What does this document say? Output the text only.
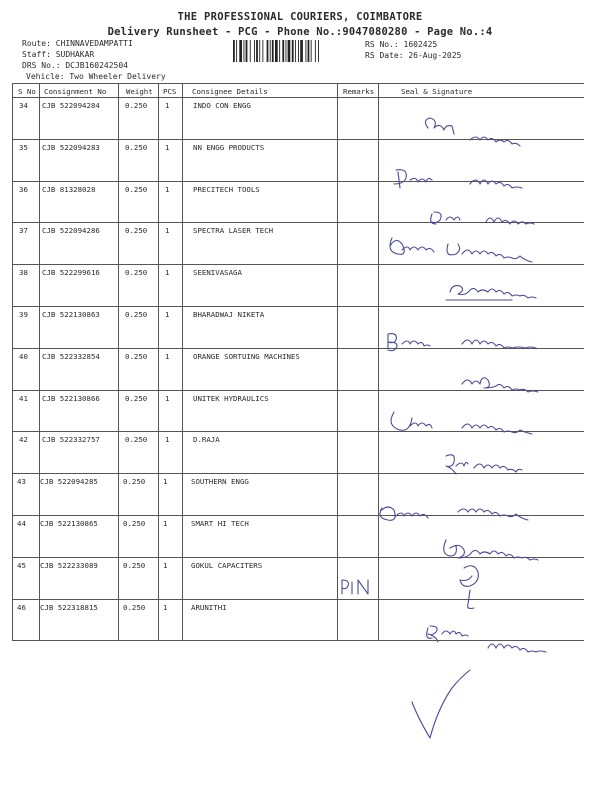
THE PROFESSIONAL COURIERS, COIMBATORE
Delivery Runsheet - PCG - Phone No.:9047080280 - Page No.:4
Route: CHINNAVEDAMPATTI
Staff: SUDHAKAR
DRS No.: DCJB160242504
Vehicle: Two Wheeler Delivery
RS No.: 1602425
RS Date: 26-Aug-2025
S No Consignment No	Weight PCS Consignee Details	Remarks	Seal & Signature
34 CJB 522094284	0.250 1	INDO CON ENGG
35 CJB 522094283	0.250 1	NN ENGG PRODUCTS
36 CJB 81328028	0.250 1	PRECITECH TOOLS
37 CJB 522094286	0.250 1	SPECTRA LASER TECH
38 CJB 522299616	0.250 1	SEENIVASAGA
39 CJB 522130863	0.250 1	BHARADWAJ NIKETA
40 CJB 522332854	0.250 1	ORANGE SORTUING MACHINES
41 CJB 522130866	0.250 1	UNITEK HYDRAULICS
42 CJB 522332757	0.250 1	D.RAJA
43 CJB 522094285	0.250 1	SOUTHERN ENGG
44 CJB 522130865	0.250 1	SMART HI TECH
45 CJB 522233089	0.250 1	GOKUL CAPACITERS
46 CJB 522318815	0.250 1	ARUNITHI
